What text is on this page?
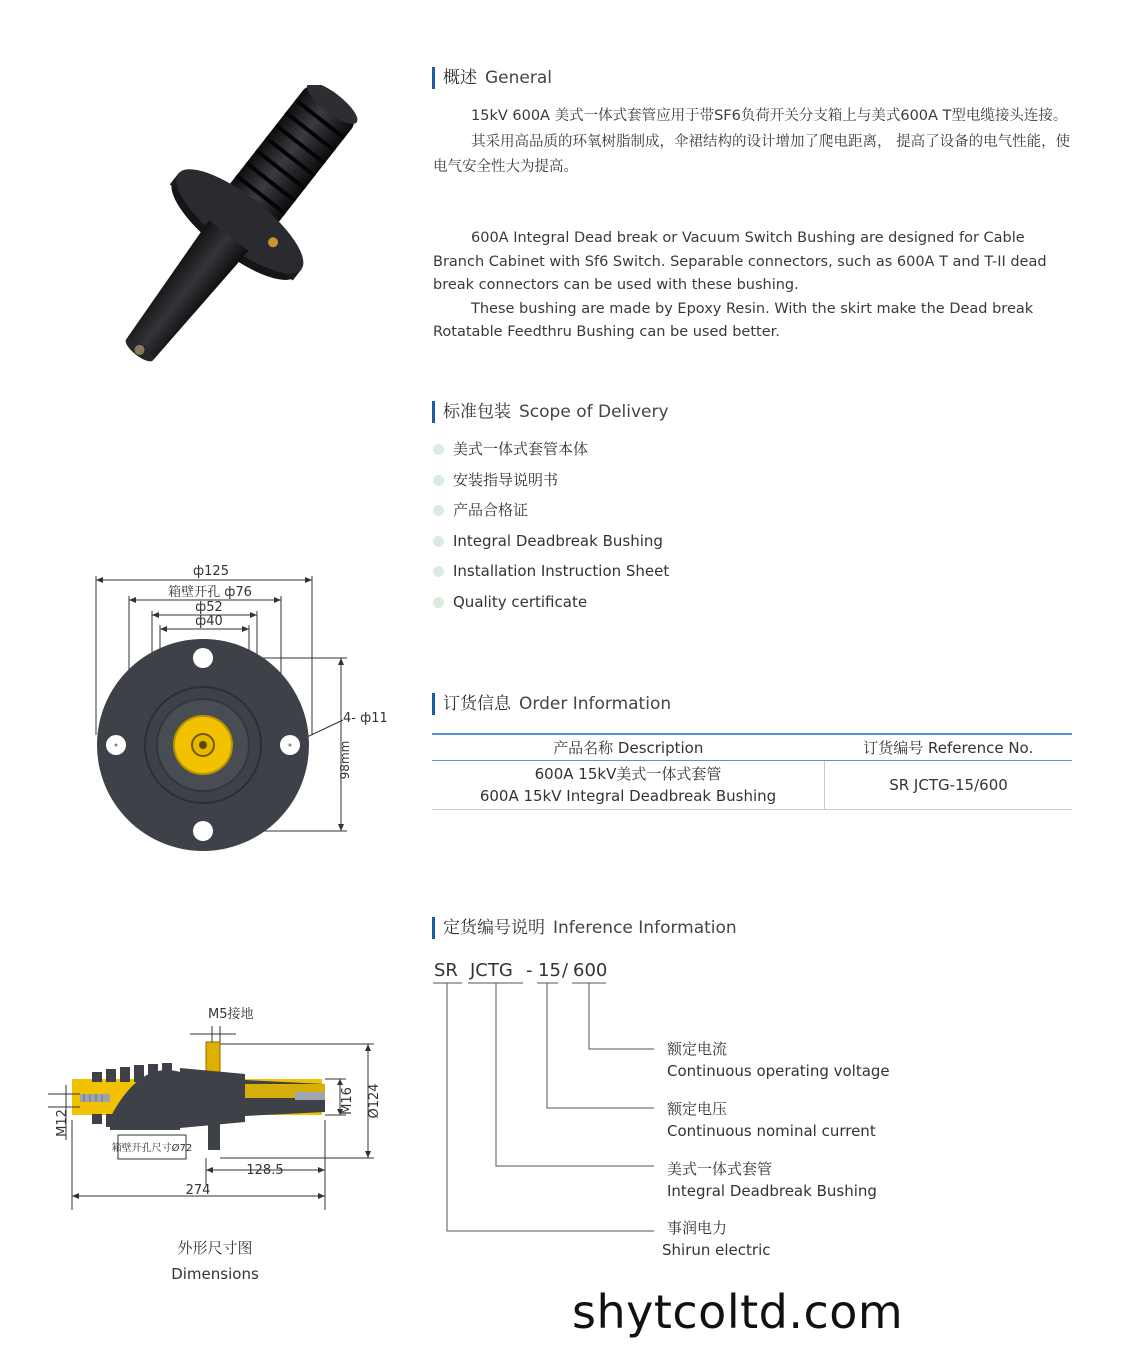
ф125
箱壁开孔 ф76
ф52
ф40
4- ф11
98mm
M5接地
M12
M16 Ø124
箱壁开孔尺寸Ø72
128.5
274
外形尺寸图
Dimensions
概述 General

15kV 600A 美式一体式套管应用于带SF6负荷开关分支箱上与美式600A T型电缆接头连接。
其采用高品质的环氧树脂制成，伞裙结构的设计增加了爬电距离， 提高了设备的电气性能，使电气安全性大为提高。

600A Integral Dead break or Vacuum Switch Bushing are designed for Cable Branch Cabinet with Sf6 Switch. Separable connectors, such as 600A T and T-II dead break connectors can be used with these bushing.
These bushing are made by Epoxy Resin. With the skirt make the Dead break Rotatable Feedthru Bushing can be used better.

标准包装 Scope of Delivery
美式一体式套管本体
安装指导说明书
产品合格证
Integral Deadbreak Bushing
Installation Instruction Sheet
Quality certificate
订货信息 Order Information
产品名称 Description	订货编号 Reference No.

600A 15kV美式一体式套管
600A 15kV Integral Deadbreak Bushing	SR JCTG-15/600
定货编号说明 Inference Information
SR JCTG - 15 / 600
额定电流
Continuous operating voltage
额定电压
Continuous nominal current
美式一体式套管
Integral Deadbreak Bushing
事润电力
Shirun electric
shytcoltd.com
